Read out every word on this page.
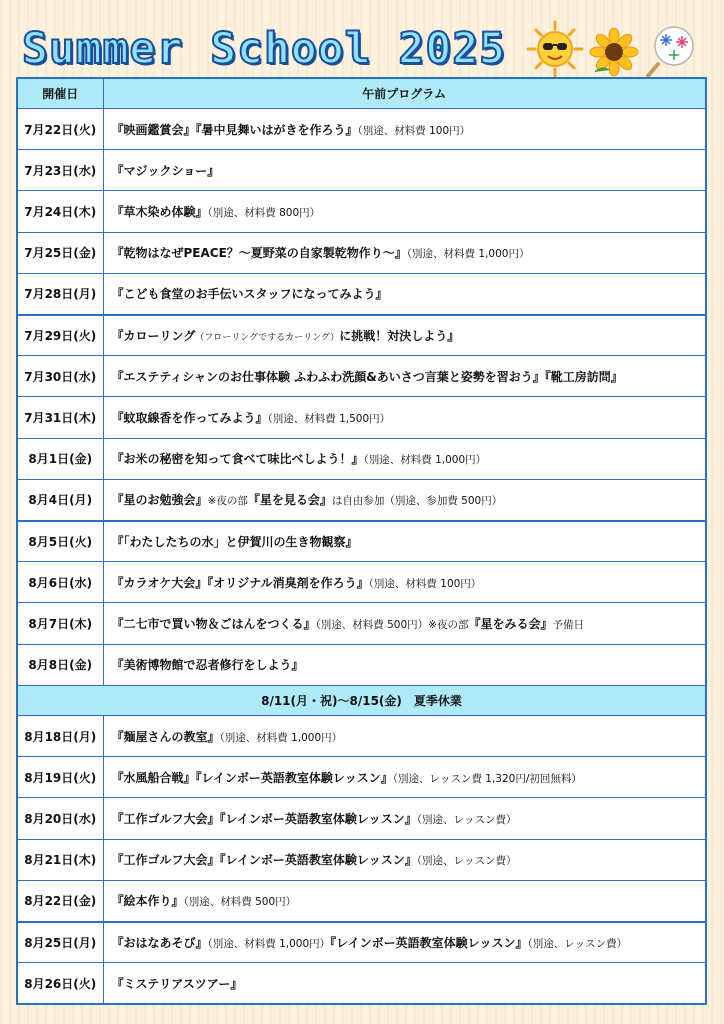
Summer School 2025
開催日	午前プログラム
7月22日(火)	『映画鑑賞会』『暑中見舞いはがきを作ろう』（別途、材料費 100円）
7月23日(水)	『マジックショー』
7月24日(木)	『草木染め体験』（別途、材料費 800円）
7月25日(金)	『乾物はなぜPEACE？～夏野菜の自家製乾物作り～』（別途、材料費 1,000円）
7月28日(月)	『こども食堂のお手伝いスタッフになってみよう』
7月29日(火)	『カローリング（フローリングでするカーリング）に挑戦！対決しよう』
7月30日(水)	『エステティシャンのお仕事体験 ふわふわ洗顔&あいさつ言葉と姿勢を習おう』『靴工房訪問』
7月31日(木)	『蚊取線香を作ってみよう』（別途、材料費 1,500円）
8月1日(金)	『お米の秘密を知って食べて味比べしよう！』（別途、材料費 1,000円）
8月4日(月)	『星のお勉強会』※夜の部『星を見る会』は自由参加（別途、参加費 500円）
8月5日(火)	『「わたしたちの水」と伊賀川の生き物観察』
8月6日(水)	『カラオケ大会』『オリジナル消臭剤を作ろう』（別途、材料費 100円）
8月7日(木)	『二七市で買い物＆ごはんをつくる』（別途、材料費 500円）※夜の部『星をみる会』予備日
8月8日(金)	『美術博物館で忍者修行をしよう』
8/11(月・祝)～8/15(金)　夏季休業	
8月18日(月)	『麺屋さんの教室』（別途、材料費 1,000円）
8月19日(火)	『水風船合戦』『レインボー英語教室体験レッスン』（別途、レッスン費 1,320円/初回無料）
8月20日(水)	『工作ゴルフ大会』『レインボー英語教室体験レッスン』（別途、レッスン費）
8月21日(木)	『工作ゴルフ大会』『レインボー英語教室体験レッスン』（別途、レッスン費）
8月22日(金)	『絵本作り』（別途、材料費 500円）
8月25日(月)	『おはなあそび』（別途、材料費 1,000円）『レインボー英語教室体験レッスン』（別途、レッスン費）
8月26日(火)	『ミステリアスツアー』
